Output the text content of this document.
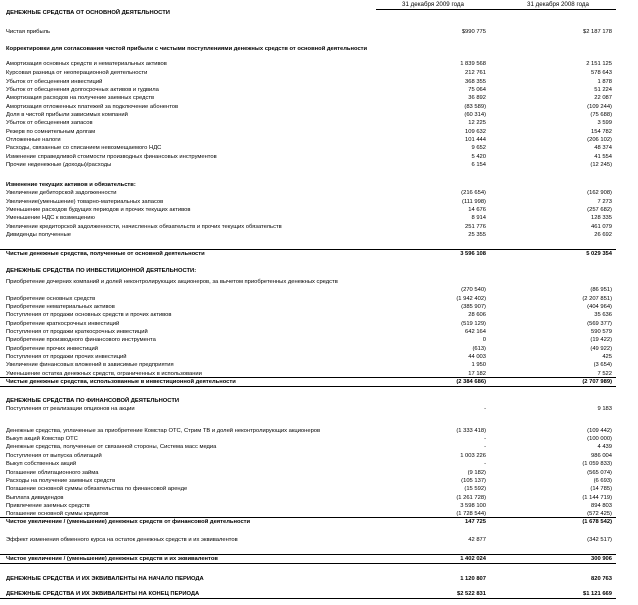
31 декабря 2009 года	31 декабря 2008 года
ДЕНЕЖНЫЕ СРЕДСТВА ОТ ОСНОВНОЙ ДЕЯТЕЛЬНОСТИ
Чистая прибыль	$990 775	$2 187 178
Корректировки для согласования чистой прибыли с чистыми поступлениями денежных средств от основной деятельности
Амортизация основных средств и нематериальных активов	1 839 568	2 151 125
Курсовая разница от неоперационной деятельности	212 761	578 643
Убыток от обесценения инвестиций	368 355	1 878
Убыток от обесценения долгосрочных активов и гудвила	75 064	51 224
Амортизация расходов на получение заемных средств	36 892	22 087
Амортизация отложенных платежей за подключение абонентов	(83 589)	(109 244)
Доля в чистой прибыли зависимых компаний	(60 314)	(75 688)
Убыток от обесценения запасов	12 225	3 599
Резерв по сомнительным долгам	109 632	154 782
Отложенные налоги	101 444	(206 102)
Расходы, связанные со списанием невозмещаемого НДС	9 652	48 374
Изменение справедливой стоимости производных финансовых инструментов	5 420	41 554
Прочие неденежные (доходы)/расходы	6 154	(12 245)
Изменение текущих активов и обязательств:
Увеличение дебиторской задолженности	(216 654)	(162 908)
Увеличение(уменьшение) товарно-материальных запасов	(111 998)	7 273
Уменьшение расходов будущих периодов и прочих текущих активов	14 676	(257 682)
Уменьшение НДС к возмещению	8 914	128 335
Увеличение кредиторской задолженности, начисленных обязательств и прочих текущих обязательств	251 776	461 079
Дивиденды полученные	25 355	26 692
Чистые денежные средства, полученные от основной деятельности	3 596 108	5 029 354
ДЕНЕЖНЫЕ СРЕДСТВА ПО ИНВЕСТИЦИОННОЙ ДЕЯТЕЛЬНОСТИ:
Приобретение дочерних компаний и долей неконтролирующих акционеров, за вычетом приобретенных денежных средств
(270 540)	(86 951)
Приобретение основных средств	(1 942 402)	(2 207 851)
Приобретение нематериальных активов	(385 907)	(404 964)
Поступления от продажи основных средств и прочих активов	28 606	35 636
Приобретение краткосрочных инвестиций	(519 129)	(569 377)
Поступления от продажи краткосрочных инвестиций	642 164	590 579
Приобретение производного финансового инструмента	0	(19 422)
Приобретение прочих инвестиций	(613)	(49 922)
Поступления от продажи прочих инвестиций	44 003	425
Увеличение финансовых вложений в зависимые предприятия	1 950	(3 654)
Уменьшение остатка денежных средств, ограниченных в использовании	17 182	7 522
Чистые денежные средства, использованные в инвестиционной деятельности	(2 384 686)	(2 707 989)
ДЕНЕЖНЫЕ СРЕДСТВА ПО ФИНАНСОВОЙ ДЕЯТЕЛЬНОСТИ
Поступления от реализации опционов на акции	-	9 183
Денежные средства, уплаченные за приобретение Комстар ОТС, Стрим ТВ и долей неконтролирующих акционеров	(1 333 418)	(109 442)
Выкуп акций Комстар ОТС	-	(100 000)
Денежные средства, полученные от связанной стороны, Система масс медиа	-	4 439
Поступления от выпуска облигаций	1 003 226	986 004
Выкуп собственных акций	-	(1 059 833)
Погашение облигационного займа	(9 182)	(565 074)
Расходы на получение заемных средств	(105 137)	(6 693)
Погашение основной суммы обязательства по финансовой аренде	(15 592)	(14 785)
Выплата дивидендов	(1 261 728)	(1 144 719)
Привлечение заемных средств	3 598 100	894 803
Погашение основной суммы кредитов	(1 728 544)	(572 425)
Чистое увеличение / (уменьшение) денежных средств от финансовой деятельности	147 725	(1 678 542)
Эффект изменения обменного курса на остаток денежных средств и их эквивалентов	42 877	(342 517)
Чистое увеличение / (уменьшение) денежных средств и их эквивалентов	1 402 024	300 906
ДЕНЕЖНЫЕ СРЕДСТВА И ИХ ЭКВИВАЛЕНТЫ НА НАЧАЛО ПЕРИОДА	1 120 807	820 763
ДЕНЕЖНЫЕ СРЕДСТВА И ИХ ЭКВИВАЛЕНТЫ НА КОНЕЦ ПЕРИОДА	$2 522 831	$1 121 669
